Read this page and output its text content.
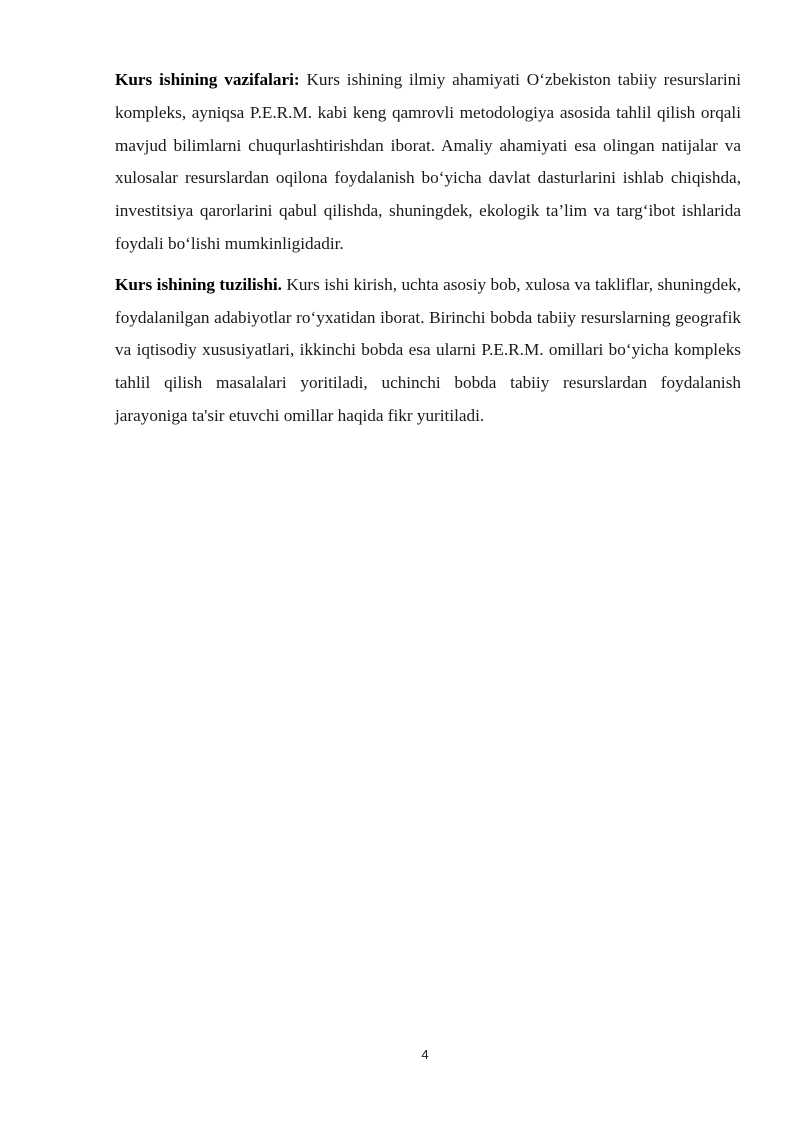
Kurs ishining vazifalari: Kurs ishining ilmiy ahamiyati O‘zbekiston tabiiy resurslarini kompleks, ayniqsa P.E.R.M. kabi keng qamrovli metodologiya asosida tahlil qilish orqali mavjud bilimlarni chuqurlashtirishdan iborat. Amaliy ahamiyati esa olingan natijalar va xulosalar resurslardan oqilona foydalanish bo‘yicha davlat dasturlarini ishlab chiqishda, investitsiya qarorlarini qabul qilishda, shuningdek, ekologik ta’lim va targ‘ibot ishlarida foydali bo‘lishi mumkinligidadir.

Kurs ishining tuzilishi. Kurs ishi kirish, uchta asosiy bob, xulosa va takliflar, shuningdek, foydalanilgan adabiyotlar ro‘yxatidan iborat. Birinchi bobda tabiiy resurslarning geografik va iqtisodiy xususiyatlari, ikkinchi bobda esa ularni P.E.R.M. omillari bo‘yicha kompleks tahlil qilish masalalari yoritiladi, uchinchi bobda tabiiy resurslardan foydalanish jarayoniga ta'sir etuvchi omillar haqida fikr yuritiladi.

4
